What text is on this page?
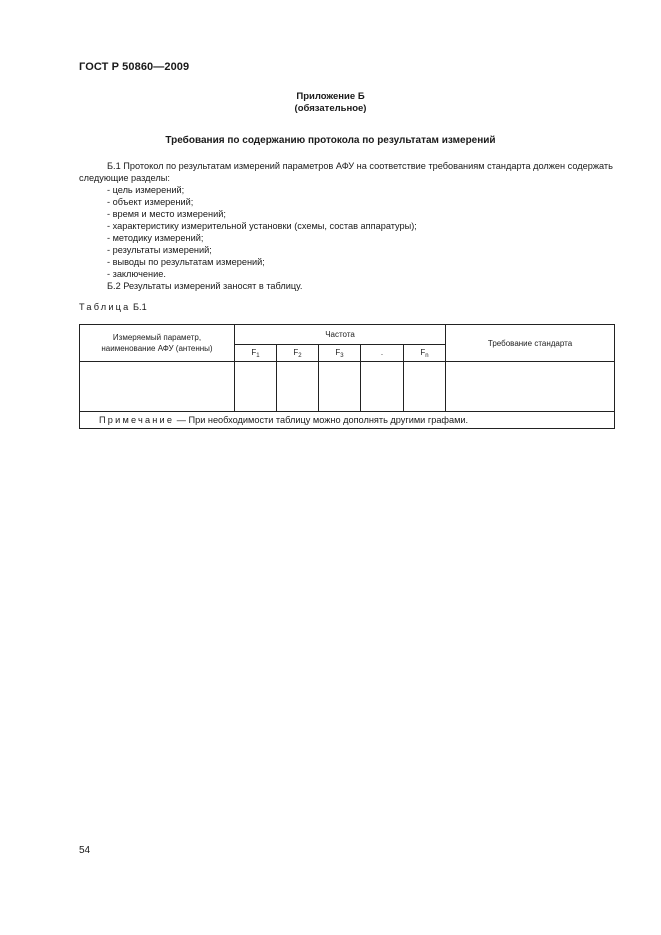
ГОСТ Р 50860—2009
Приложение Б
(обязательное)
Требования по содержанию протокола по результатам измерений

Б.1 Протокол по результатам измерений параметров АФУ на соответствие требованиям стандарта должен содержать следующие разделы:

- цель измерений;
- объект измерений;
- время и место измерений;
- характеристику измерительной установки (схемы, состав аппаратуры);
- методику измерений;
- результаты измерений;
- выводы по результатам измерений;
- заключение.

Б.2 Результаты измерений заносят в таблицу.

Таблица Б.1
Измеряемый параметр,
наименование АФУ (антенны)	Частота					Требование стандарта
	$F_1$	$F_2$	$F_3$	.	$F_n$

Примечание — При необходимости таблицу можно дополнять другими графами.						
54
